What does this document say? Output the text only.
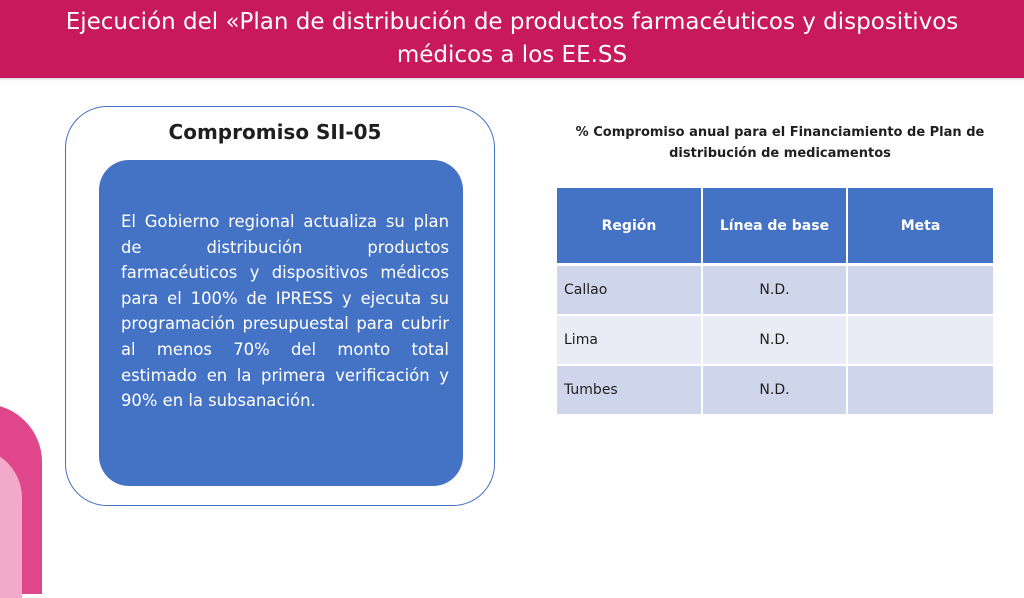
Ejecución del «Plan de distribución de productos farmacéuticos y dispositivos médicos a los EE.SS
Compromiso SII-05
El Gobierno regional actualiza su plan de distribución productos farmacéuticos y dispositivos médicos para el 100% de IPRESS y ejecuta su programación presupuestal para cubrir al menos 70% del monto total estimado en la primera verificación y 90% en la subsanación.
% Compromiso anual para el Financiamiento de Plan de distribución de medicamentos
Región	Línea de base	Meta
Callao	N.D.	
Lima	N.D.	
Tumbes	N.D.	
